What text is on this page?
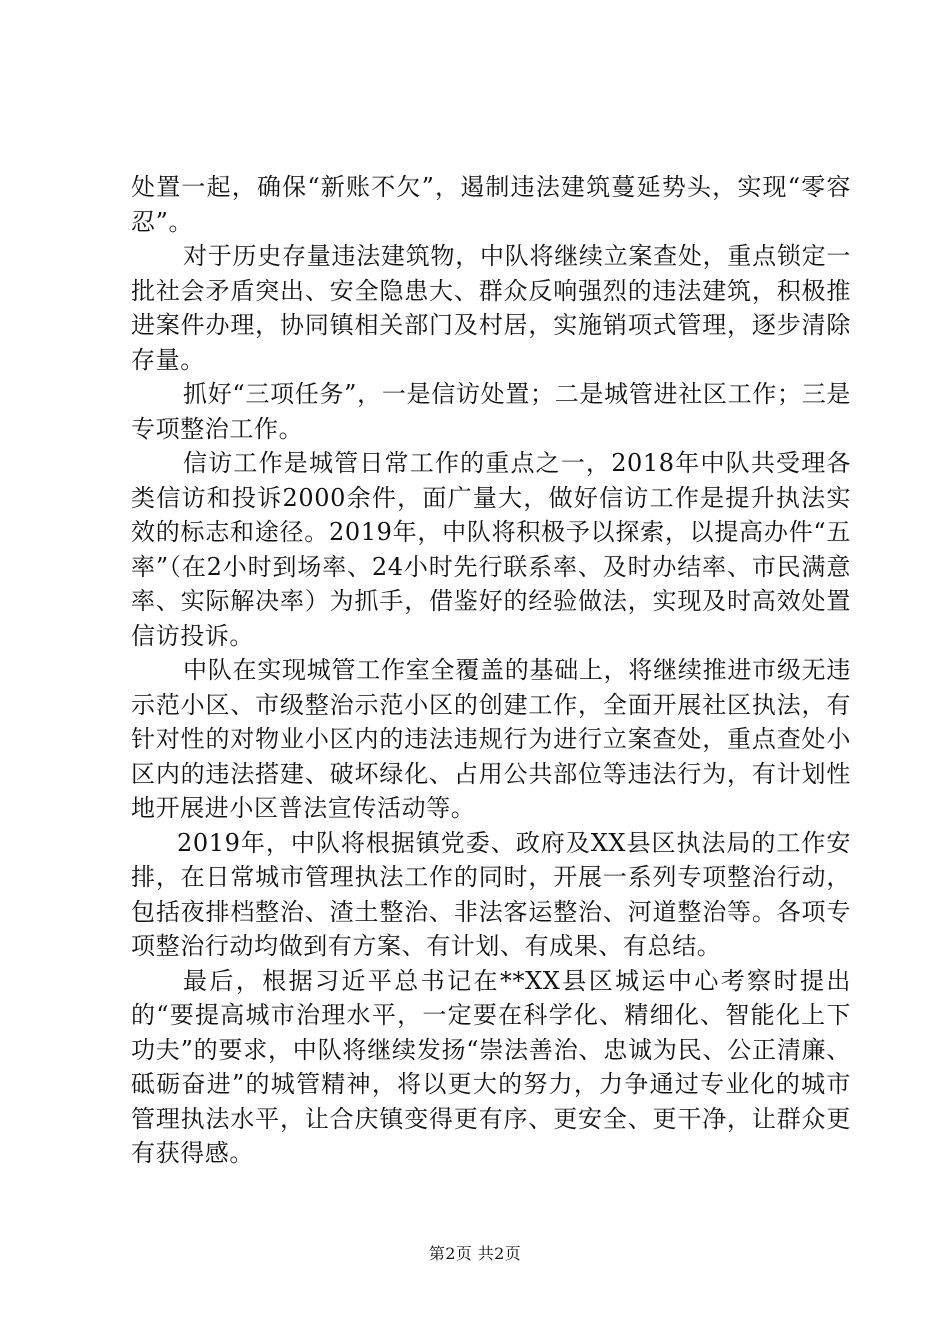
处置一起，确保“新账不欠”，遏制违法建筑蔓延势头，实现“零容忍”。

对于历史存量违法建筑物，中队将继续立案查处，重点锁定一批社会矛盾突出、安全隐患大、群众反响强烈的违法建筑，积极推进案件办理，协同镇相关部门及村居，实施销项式管理，逐步清除存量。

抓好“三项任务”，一是信访处置；二是城管进社区工作；三是专项整治工作。

信访工作是城管日常工作的重点之一，2018年中队共受理各类信访和投诉2000余件，面广量大，做好信访工作是提升执法实效的标志和途径。2019年，中队将积极予以探索，以提高办件“五率”（在2小时到场率、24小时先行联系率、及时办结率、市民满意率、实际解决率）为抓手，借鉴好的经验做法，实现及时高效处置信访投诉。

中队在实现城管工作室全覆盖的基础上，将继续推进市级无违示范小区、市级整治示范小区的创建工作，全面开展社区执法，有针对性的对物业小区内的违法违规行为进行立案查处，重点查处小区内的违法搭建、破坏绿化、占用公共部位等违法行为，有计划性地开展进小区普法宣传活动等。

2019年，中队将根据镇党委、政府及XX县区执法局的工作安排，在日常城市管理执法工作的同时，开展一系列专项整治行动，包括夜排档整治、渣土整治、非法客运整治、河道整治等。各项专项整治行动均做到有方案、有计划、有成果、有总结。

最后，根据习近平总书记在**XX县区城运中心考察时提出的“要提高城市治理水平，一定要在科学化、精细化、智能化上下功夫”的要求，中队将继续发扬“崇法善治、忠诚为民、公正清廉、砥砺奋进”的城管精神，将以更大的努力，力争通过专业化的城市管理执法水平，让合庆镇变得更有序、更安全、更干净，让群众更有获得感。

第2页 共2页
